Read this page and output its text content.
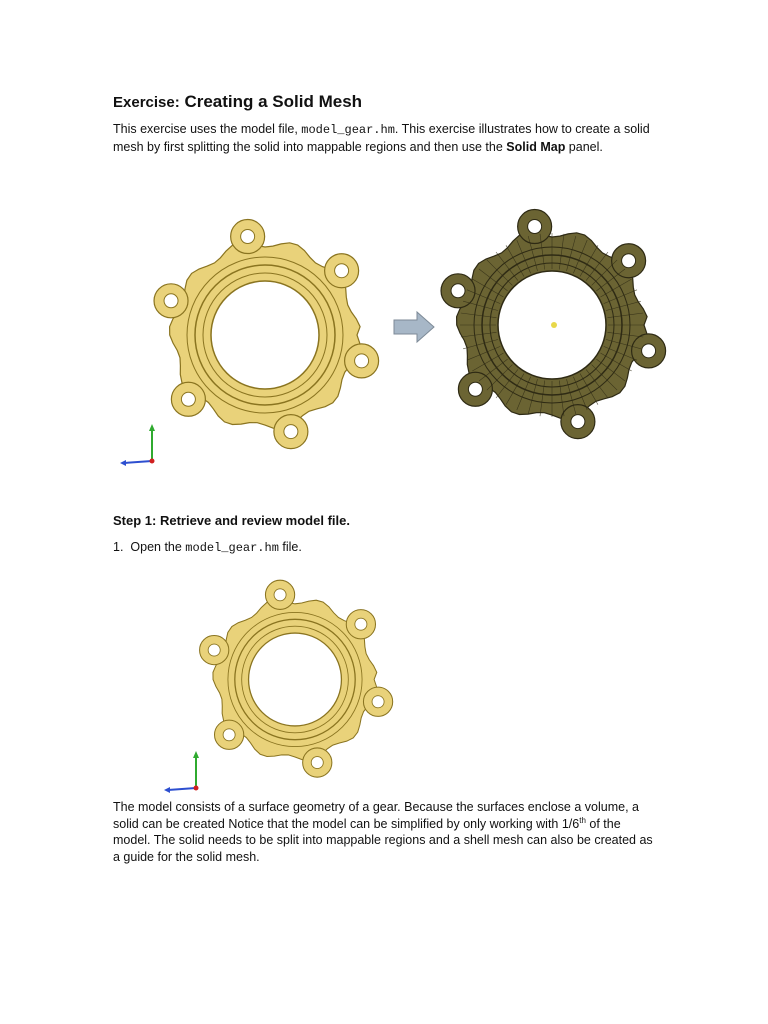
Exercise: Creating a Solid Mesh
This exercise uses the model file, model_gear.hm. This exercise illustrates how to create a solid mesh by first splitting the solid into mappable regions and then use the Solid Map panel.
Step 1: Retrieve and review model file.
1. Open the model_gear.hm file.
The model consists of a surface geometry of a gear. Because the surfaces enclose a volume, a solid can be created Notice that the model can be simplified by only working with 1/6th of the model. The solid needs to be split into mappable regions and a shell mesh can also be created as a guide for the solid mesh.
